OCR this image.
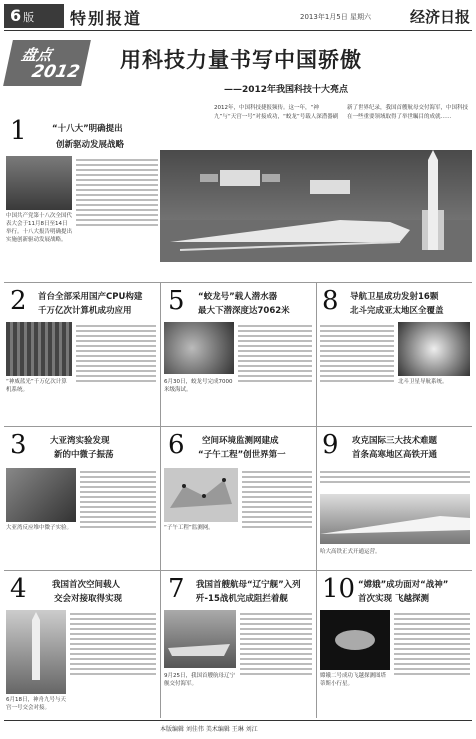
6 版	特别报道	2013年1月5日 星期六	经济日报
盘点
2012 用科技力量书写中国骄傲
——2012年我国科技十大亮点
2012年，中国科技捷报频传。这一年，“神九”与“天宫一号”对接成功，“蛟龙”号载人深潜器刷新了世界纪录，我国首艘航母交付海军，中国科技在一些重要领域取得了举世瞩目的成就……
1	“十八大”明确提出
创新驱动发展战略
中国共产党第十八次全国代表大会于11月8日至14日举行。十八大报告明确提出实施创新驱动发展战略。
2 首台全部采用国产CPU构建
千万亿次计算机成功应用
“神威蓝光”千万亿次计算机系统。
5 “蛟龙号”载人潜水器
最大下潜深度达7062米
6月30日，蛟龙号完成7000米级海试。
8 导航卫星成功发射16颗
北斗完成亚太地区全覆盖
北斗卫星导航系统。
3	大亚湾实验发现
新的中微子振荡
大亚湾反应堆中微子实验。
6 空间环境监测网建成
“子午工程”创世界第一
“子午工程”监测网。
9 攻克国际三大技术难题
首条高寒地区高铁开通
哈大高铁正式开通运营。
4	我国首次空间载人
交会对接取得实现
6月18日，神舟九号与天宫一号交会对接。
7 我国首艘航母“辽宁舰”入列
歼-15战机完成阻拦着舰
9月25日，我国首艘航母辽宁舰交付海军。
10 “嫦娥”成功面对“战神”
首次实现 飞越探测
嫦娥二号成功飞越探测图塔蒂斯小行星。
本版编辑 刘佳伟 美术编辑 王琳 刘江
